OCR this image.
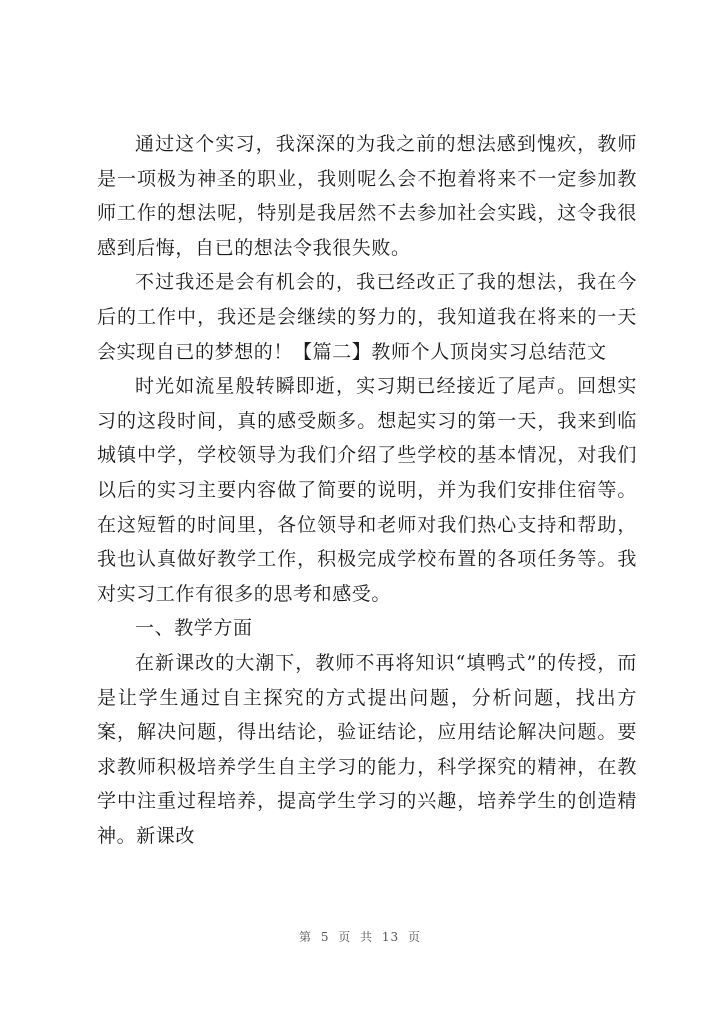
通过这个实习，我深深的为我之前的想法感到愧疚，教师是一项极为神圣的职业，我则呢么会不抱着将来不一定参加教师工作的想法呢，特别是我居然不去参加社会实践，这令我很感到后悔，自已的想法令我很失败。

不过我还是会有机会的，我已经改正了我的想法，我在今后的工作中，我还是会继续的努力的，我知道我在将来的一天会实现自已的梦想的！【篇二】教师个人顶岗实习总结范文

时光如流星般转瞬即逝，实习期已经接近了尾声。回想实习的这段时间，真的感受颇多。想起实习的第一天，我来到临城镇中学，学校领导为我们介绍了些学校的基本情况，对我们以后的实习主要内容做了简要的说明，并为我们安排住宿等。在这短暂的时间里，各位领导和老师对我们热心支持和帮助，我也认真做好教学工作，积极完成学校布置的各项任务等。我对实习工作有很多的思考和感受。

一、教学方面

在新课改的大潮下，教师不再将知识“填鸭式”的传授，而是让学生通过自主探究的方式提出问题，分析问题，找出方案，解决问题，得出结论，验证结论，应用结论解决问题。要求教师积极培养学生自主学习的能力，科学探究的精神，在教学中注重过程培养，提高学生学习的兴趣，培养学生的创造精神。新课改

第 5 页 共 13 页
